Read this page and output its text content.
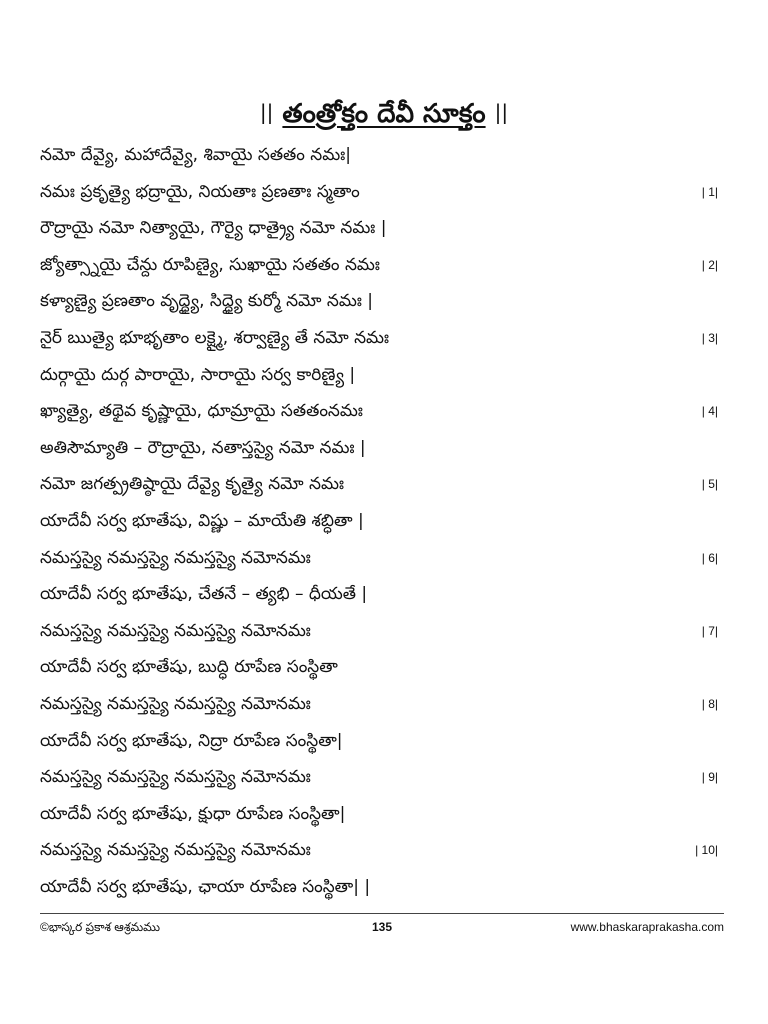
|| తంత్రోక్తం దేవీ సూక్తం ||
నమో దేవ్యై, మహాదేవ్యై, శివాయై సతతం నమః|
నమః ప్రకృత్యై భద్రాయై, నియతాః ప్రణతాః స్మతాం	| 1|
రౌద్రాయై నమో నిత్యాయై, గౌర్యై ధాత్ర్యై నమో నమః |
జ్యోత్స్నాయై చేన్దు రూపిణ్యై, సుఖాయై సతతం నమః	| 2|
కళ్యాణ్యై ప్రణతాం వృద్ధ్యై, సిద్ధ్యై కుర్మో నమో నమః |
నైర్ ఋత్యై భూభృతాం లక్ష్మై, శర్వాణ్యై తే నమో నమః	| 3|
దుర్గాయై దుర్గ పారాయై, సారాయై సర్వ కారిణ్యై |
ఖ్యాత్యై, తథైవ కృష్ణాయై, ధూమ్రాయై సతతంనమః	| 4|
అతిసౌమ్యాతి – రౌద్రాయై, నతాస్తస్యై నమో నమః |
నమో జగత్ప్రతిష్ఠాయై దేవ్యై కృత్యై నమో నమః	| 5|
యాదేవీ సర్వ భూతేషు, విష్ణు – మాయేతి శబ్ధితా |
నమస్తస్యై నమస్తస్యై నమస్తస్యై నమోనమః	| 6|
యాదేవీ సర్వ భూతేషు, చేతనే – త్యభి – ధీయతే |
నమస్తస్యై నమస్తస్యై నమస్తస్యై నమోనమః	| 7|
యాదేవీ సర్వ భూతేషు, బుద్ధి రూపేణ సంస్థితా
నమస్తస్యై నమస్తస్యై నమస్తస్యై నమోనమః	| 8|
యాదేవీ సర్వ భూతేషు, నిద్రా రూపేణ సంస్థితా|
నమస్తస్యై నమస్తస్యై నమస్తస్యై నమోనమః	| 9|
యాదేవీ సర్వ భూతేషు, క్షుధా రూపేణ సంస్థితా|
నమస్తస్యై నమస్తస్యై నమస్తస్యై నమోనమః	| 10|
యాదేవీ సర్వ భూతేషు, ఛాయా రూపేణ సంస్థితా| |
©భాస్కర ప్రకాశ ఆశ్రమము	135	www.bhaskaraprakasha.com
